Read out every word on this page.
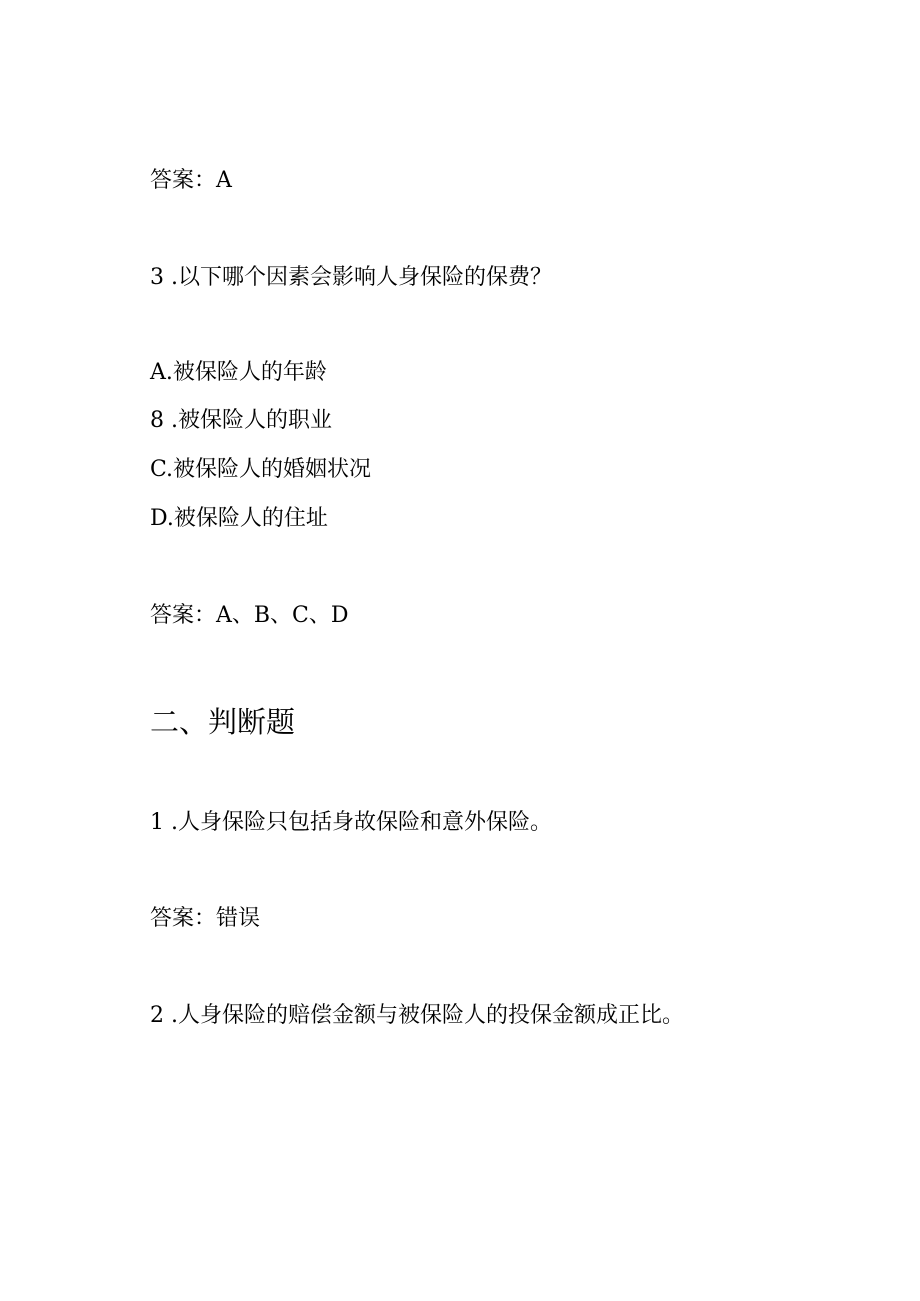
答案：A
3 .以下哪个因素会影响人身保险的保费？
A.被保险人的年龄
8 .被保险人的职业
C.被保险人的婚姻状况
D.被保险人的住址
答案：A、B、C、D
二、判断题
1 .人身保险只包括身故保险和意外保险。
答案：错误
2 .人身保险的赔偿金额与被保险人的投保金额成正比。
